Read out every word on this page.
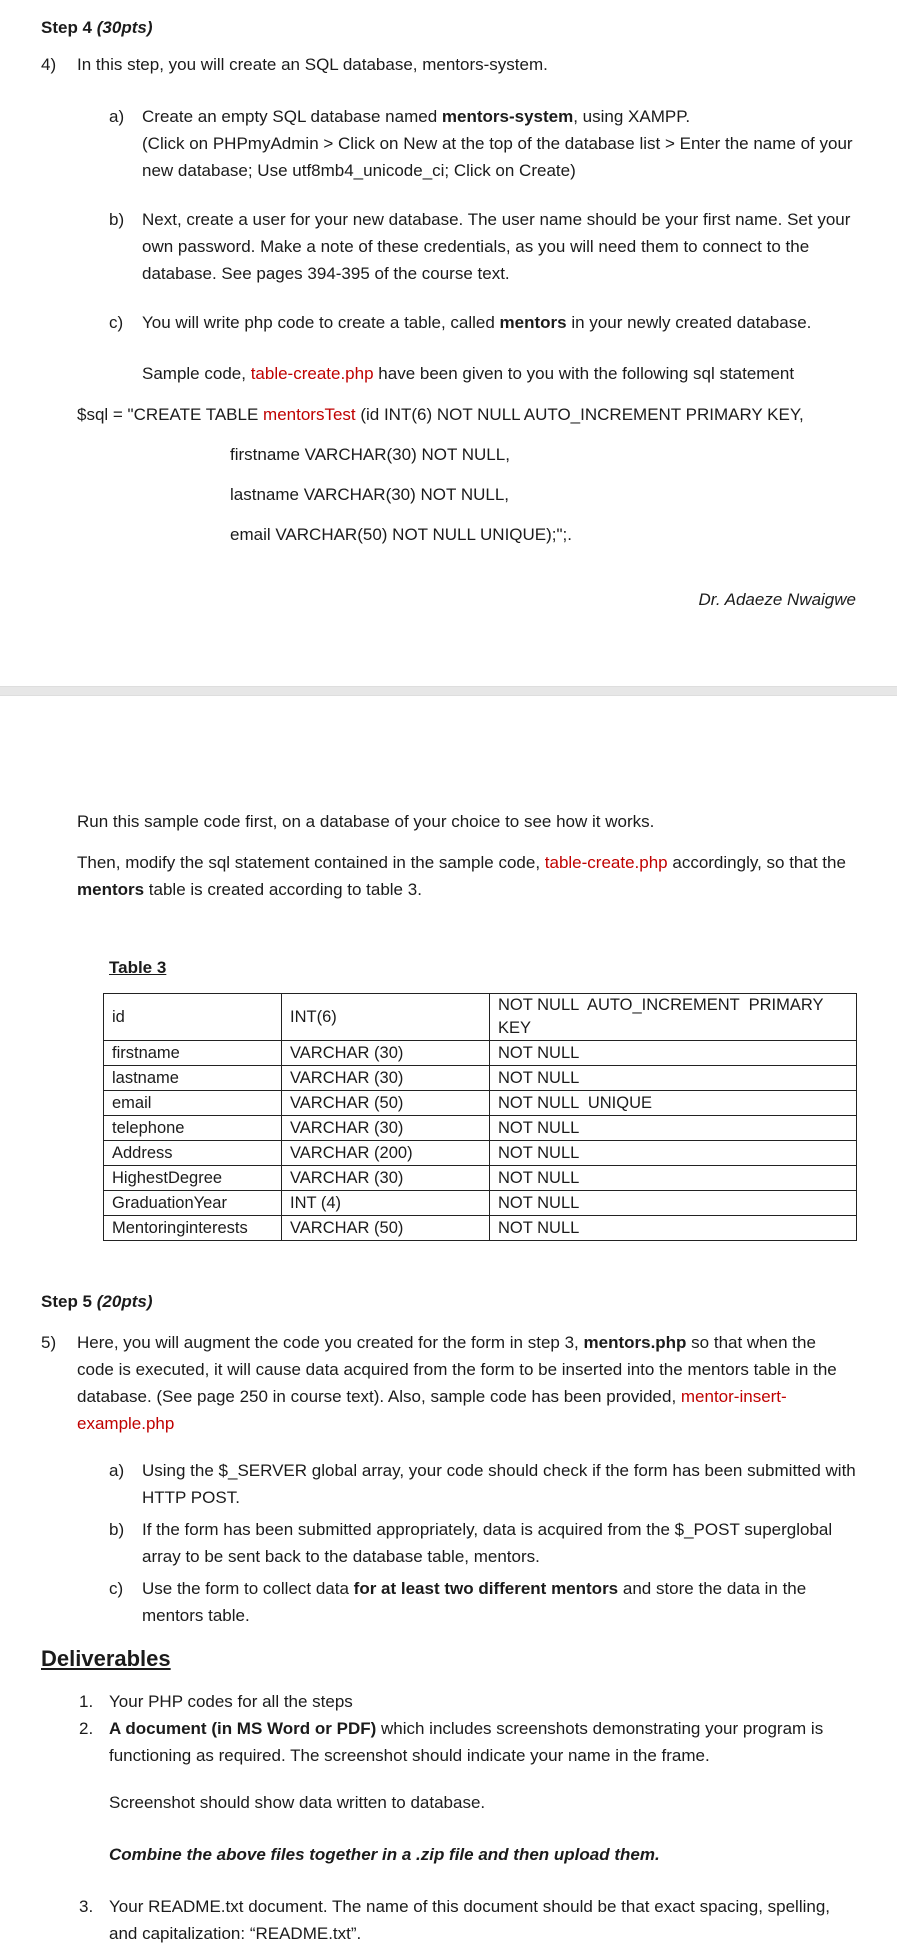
Step 4 (30pts)

4)	In this step, you will create an SQL database, mentors-system.
a)	Create an empty SQL database named mentors-system, using XAMPP.

(Click on PHPmyAdmin > Click on New at the top of the database list > Enter the name of your new database; Use utf8mb4_unicode_ci; Click on Create)

b)	Next, create a user for your new database. The user name should be your first name. Set your own password. Make a note of these credentials, as you will need them to connect to the database. See pages 394-395 of the course text.
c)	You will write php code to create a table, called mentors in your newly created database.

Sample code, table-create.php have been given to you with the following sql statement

$sql = "CREATE TABLE mentorsTest (id INT(6) NOT NULL AUTO_INCREMENT PRIMARY KEY,

firstname VARCHAR(30) NOT NULL,

lastname VARCHAR(30) NOT NULL,

email VARCHAR(50) NOT NULL UNIQUE);";.

Dr. Adaeze Nwaigwe

Run this sample code first, on a database of your choice to see how it works.

Then, modify the sql statement contained in the sample code, table-create.php accordingly, so that the mentors table is created according to table 3.

Table 3

id	INT(6)	NOT NULL  AUTO_INCREMENT  PRIMARY KEY
firstname	VARCHAR (30)	NOT NULL
lastname	VARCHAR (30)	NOT NULL
email	VARCHAR (50)	NOT NULL  UNIQUE
telephone	VARCHAR (30)	NOT NULL
Address	VARCHAR (200)	NOT NULL
HighestDegree	VARCHAR (30)	NOT NULL
GraduationYear	INT (4)	NOT NULL
Mentoringinterests	VARCHAR (50)	NOT NULL

Step 5 (20pts)

5)	Here, you will augment the code you created for the form in step 3, mentors.php so that when the code is executed, it will cause data acquired from the form to be inserted into the mentors table in the database. (See page 250 in course text). Also, sample code has been provided, mentor-insert-example.php
a)	Using the $_SERVER global array, your code should check if the form has been submitted with HTTP POST.
b)	If the form has been submitted appropriately, data is acquired from the $_POST superglobal array to be sent back to the database table, mentors.
c)	Use the form to collect data for at least two different mentors and store the data in the mentors table.

Deliverables

1. Your PHP codes for all the steps
2. A document (in MS Word or PDF) which includes screenshots demonstrating your program is functioning as required. The screenshot should indicate your name in the frame.

Screenshot should show data written to database.

Combine the above files together in a .zip file and then upload them.

3. Your README.txt document. The name of this document should be that exact spacing, spelling, and capitalization: “README.txt”.
